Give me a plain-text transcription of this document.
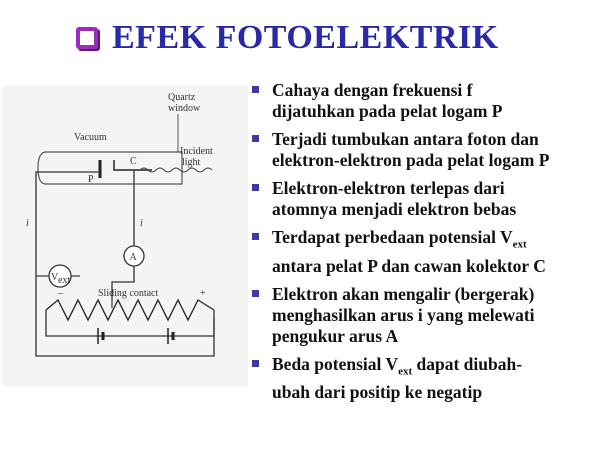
EFEK FOTOELEKTRIK
A
V ext
Quartz
window
Vacuum
Incident
light
C
P
Sliding contact
–	+
i	i
Cahaya dengan frekuensi f
dijatuhkan pada pelat logam P
Terjadi tumbukan antara foton dan
elektron-elektron pada pelat logam P
Elektron-elektron terlepas dari
atomnya menjadi elektron bebas
Terdapat perbedaan potensial $V_{ext}$
antara pelat P dan cawan kolektor C
Elektron akan mengalir (bergerak)
menghasilkan arus i yang melewati
pengukur arus A
Beda potensial $V_{ext}$ dapat diubah-
ubah dari positip ke negatip
